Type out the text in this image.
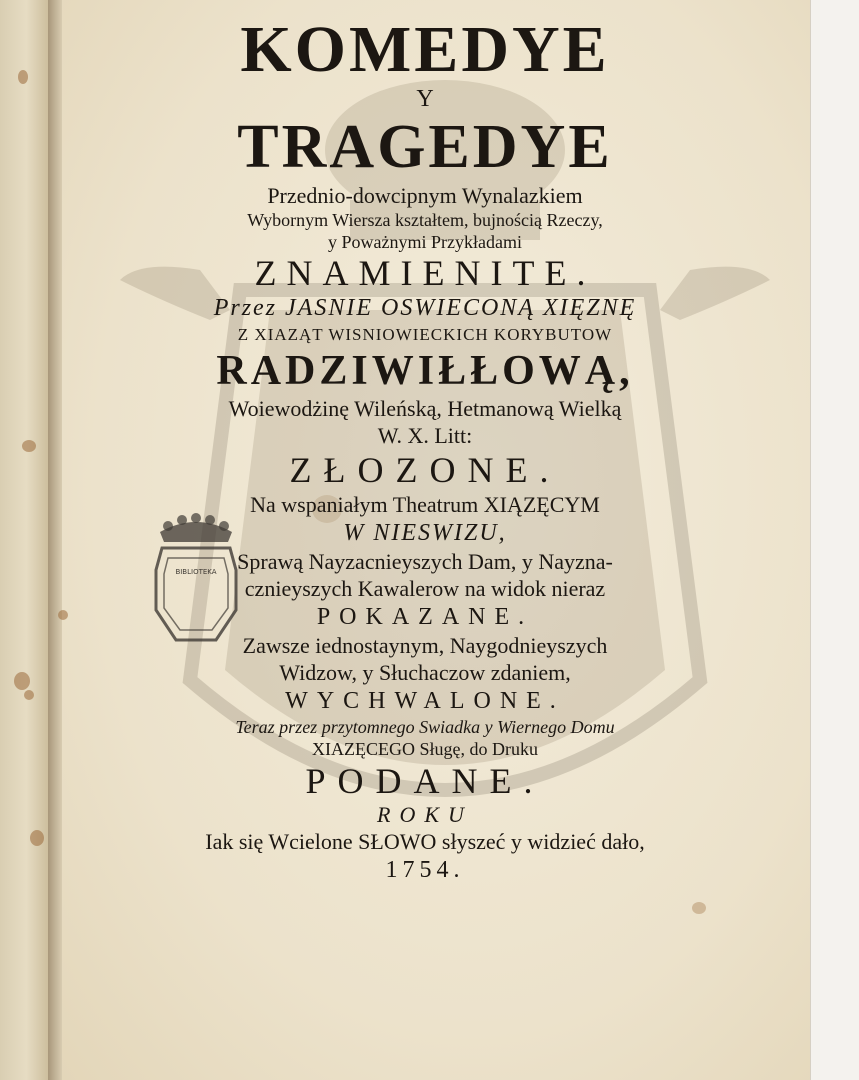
BIBLIOTEKA
KOMEDYE
Y
TRAGEDYE
Przednio-dowcipnym Wynalazkiem
Wybornym Wiersza kształtem, bujnością Rzeczy,
y Poważnymi Przykładami
ZNAMIENITE.
Przez JASNIE OSWIECONĄ XIĘZNĘ
Z XIAZĄT WISNIOWIECKICH KORYBUTOW
RADZIWIŁŁOWĄ,
Woiewodżinę Wileńską, Hetmanową Wielką
W. X. Litt:
ZŁOZONE.
Na wspaniałym Theatrum XIĄZĘCYM
W NIESWIZU,
Sprawą Nayzacnieyszych Dam, y Nayzna-
cznieyszych Kawalerow na widok nieraz
POKAZANE.
Zawsze iednostaynym, Naygodnieyszych
Widzow, y Słuchaczow zdaniem,
WYCHWALONE.
Teraz przez przytomnego Swiadka y Wiernego Domu
XIAZĘCEGO Sługę, do Druku
PODANE.
ROKU
Iak się Wcielone SŁOWO słyszeć y widzieć dało,
1754.
